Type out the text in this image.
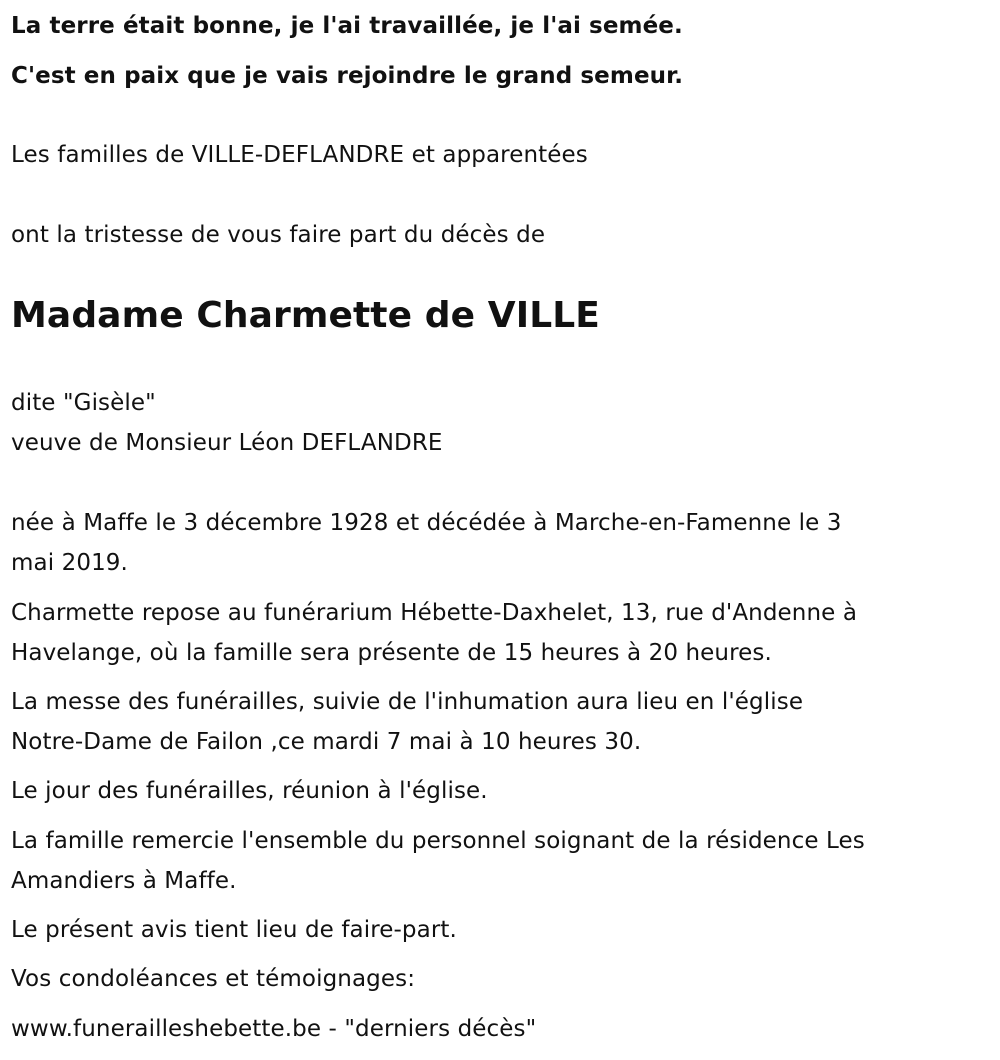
La terre était bonne, je l'ai travaillée, je l'ai semée.
C'est en paix que je vais rejoindre le grand semeur.
Les familles de VILLE-DEFLANDRE et apparentées
ont la tristesse de vous faire part du décès de
Madame Charmette de VILLE
dite "Gisèle"
veuve de Monsieur Léon DEFLANDRE
née à Maffe le 3 décembre 1928 et décédée à Marche-en-Famenne le 3
mai 2019.
Charmette repose au funérarium Hébette-Daxhelet, 13, rue d'Andenne à
Havelange, où la famille sera présente de 15 heures à 20 heures.
La messe des funérailles, suivie de l'inhumation aura lieu en l'église
Notre-Dame de Failon ,ce mardi 7 mai à 10 heures 30.
Le jour des funérailles, réunion à l'église.
La famille remercie l'ensemble du personnel soignant de la résidence Les
Amandiers à Maffe.
Le présent avis tient lieu de faire-part.
Vos condoléances et témoignages:
www.funerailleshebette.be - "derniers décès"
